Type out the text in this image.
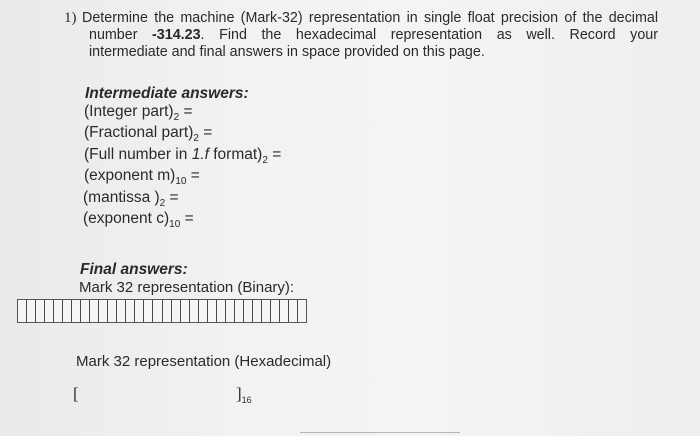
1) Determine the machine (Mark-32) representation in single float precision of the decimal
number -314.23. Find the hexadecimal representation as well. Record your
intermediate and final answers in space provided on this page.
Intermediate answers:
(Integer $part)_2$ =
(Fractional $part)_2$ =
(Full number in 1.f $format)_2$ =
(exponent $m)_{10}$ =
(mantissa )$_2$ =
(exponent $c)_{10}$ =
Final answers:
Mark 32 representation (Binary):
Mark 32 representation (Hexadecimal)
[	]$_{16}$
